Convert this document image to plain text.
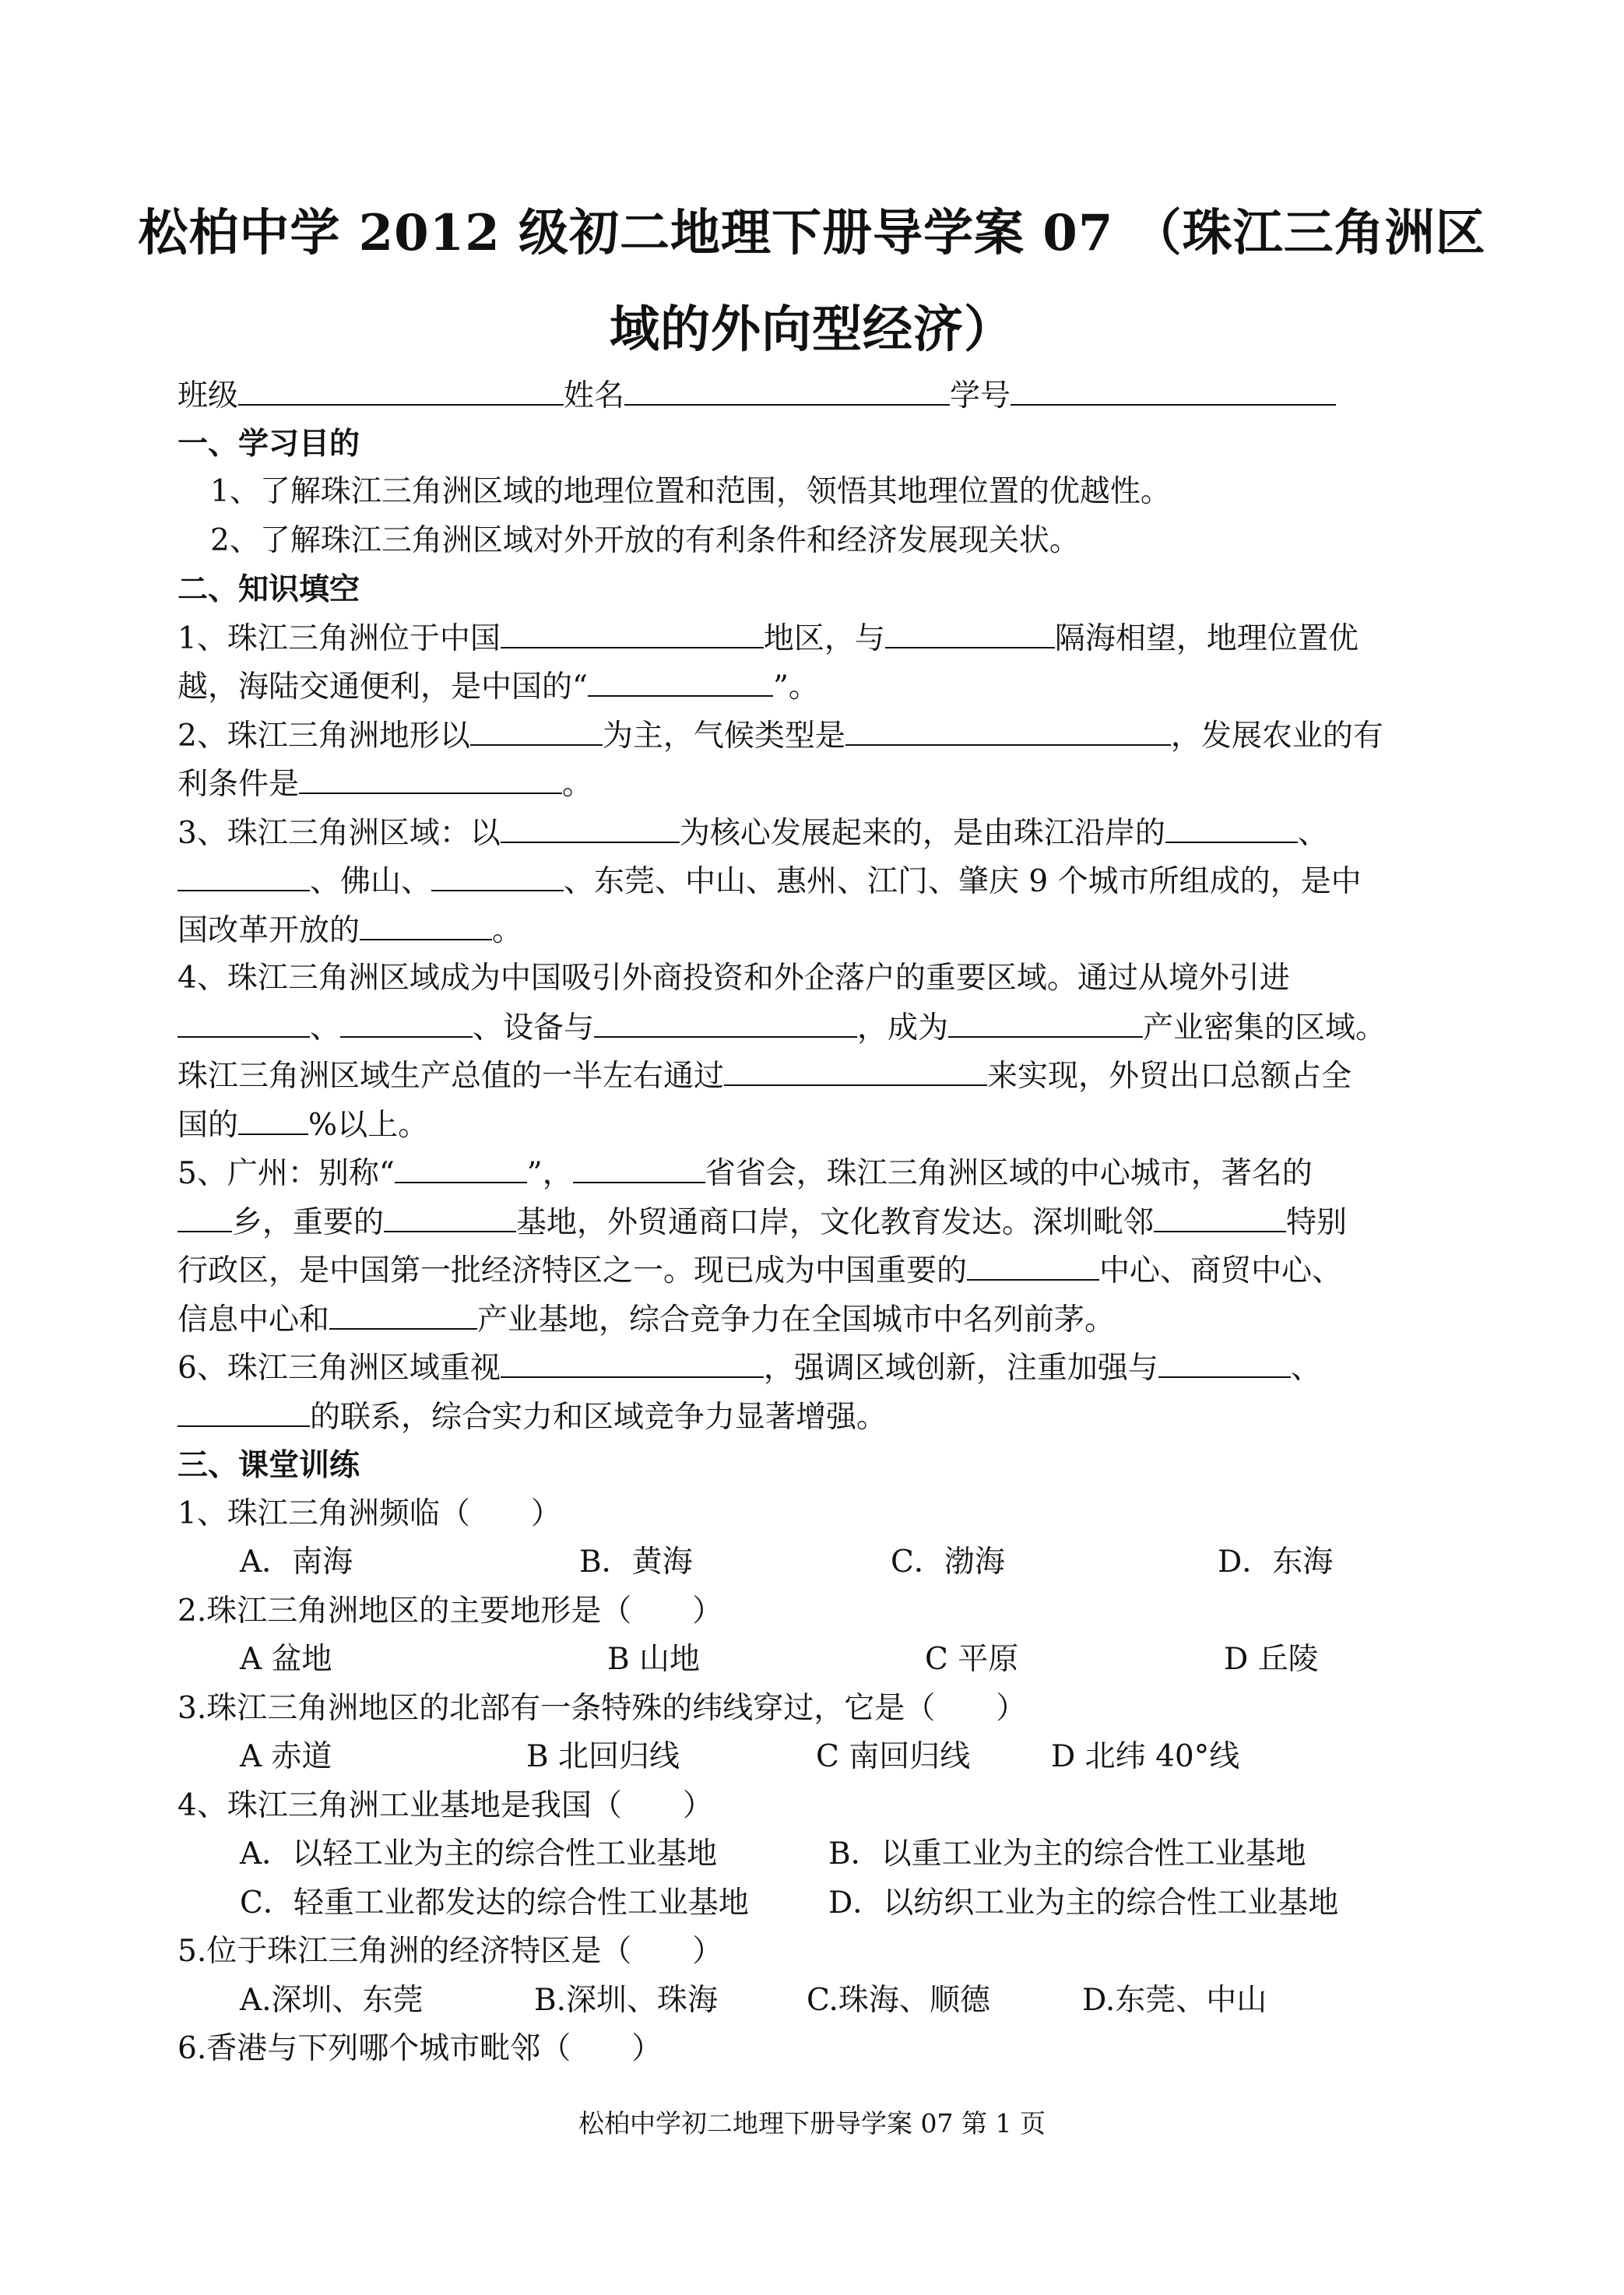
松柏中学 2012 级初二地理下册导学案 07 （珠江三角洲区
域的外向型经济）
班级	姓名	学号
一、学习目的
1、了解珠江三角洲区域的地理位置和范围，领悟其地理位置的优越性。
2、了解珠江三角洲区域对外开放的有利条件和经济发展现关状。
二、知识填空
1、珠江三角洲位于中国	地区，与	隔海相望，地理位置优
越，海陆交通便利，是中国的“	”。
2、珠江三角洲地形以	为主，气候类型是	，发展农业的有
利条件是	。
3、珠江三角洲区域：以	为核心发展起来的，是由珠江沿岸的	、
、佛山、	、东莞、中山、惠州、江门、肇庆 9 个城市所组成的，是中
国改革开放的	。
4、珠江三角洲区域成为中国吸引外商投资和外企落户的重要区域。通过从境外引进
、	、设备与	，成为	产业密集的区域。
珠江三角洲区域生产总值的一半左右通过	来实现，外贸出口总额占全
国的 %以上。
5、广州：别称“	”，	省省会，珠江三角洲区域的中心城市，著名的
乡，重要的	基地，外贸通商口岸，文化教育发达。深圳毗邻	特别
行政区，是中国第一批经济特区之一。现已成为中国重要的	中心、商贸中心、
信息中心和	产业基地，综合竞争力在全国城市中名列前茅。
6、珠江三角洲区域重视	，强调区域创新，注重加强与	、
的联系，综合实力和区域竞争力显著增强。
三、课堂训练
1、珠江三角洲频临（　　）
A．南海	B．黄海	C．渤海	D．东海
2.珠江三角洲地区的主要地形是（　　）
A 盆地	B 山地	C 平原	D 丘陵
3.珠江三角洲地区的北部有一条特殊的纬线穿过，它是（　　）
A 赤道	B 北回归线	C 南回归线	D 北纬 40°线
4、珠江三角洲工业基地是我国（　　）
A．以轻工业为主的综合性工业基地	B．以重工业为主的综合性工业基地
C．轻重工业都发达的综合性工业基地	D．以纺织工业为主的综合性工业基地
5.位于珠江三角洲的经济特区是（　　）
A.深圳、东莞	B.深圳、珠海	C.珠海、顺德	D.东莞、中山
6.香港与下列哪个城市毗邻（　　）
松柏中学初二地理下册导学案 07 第 1 页
